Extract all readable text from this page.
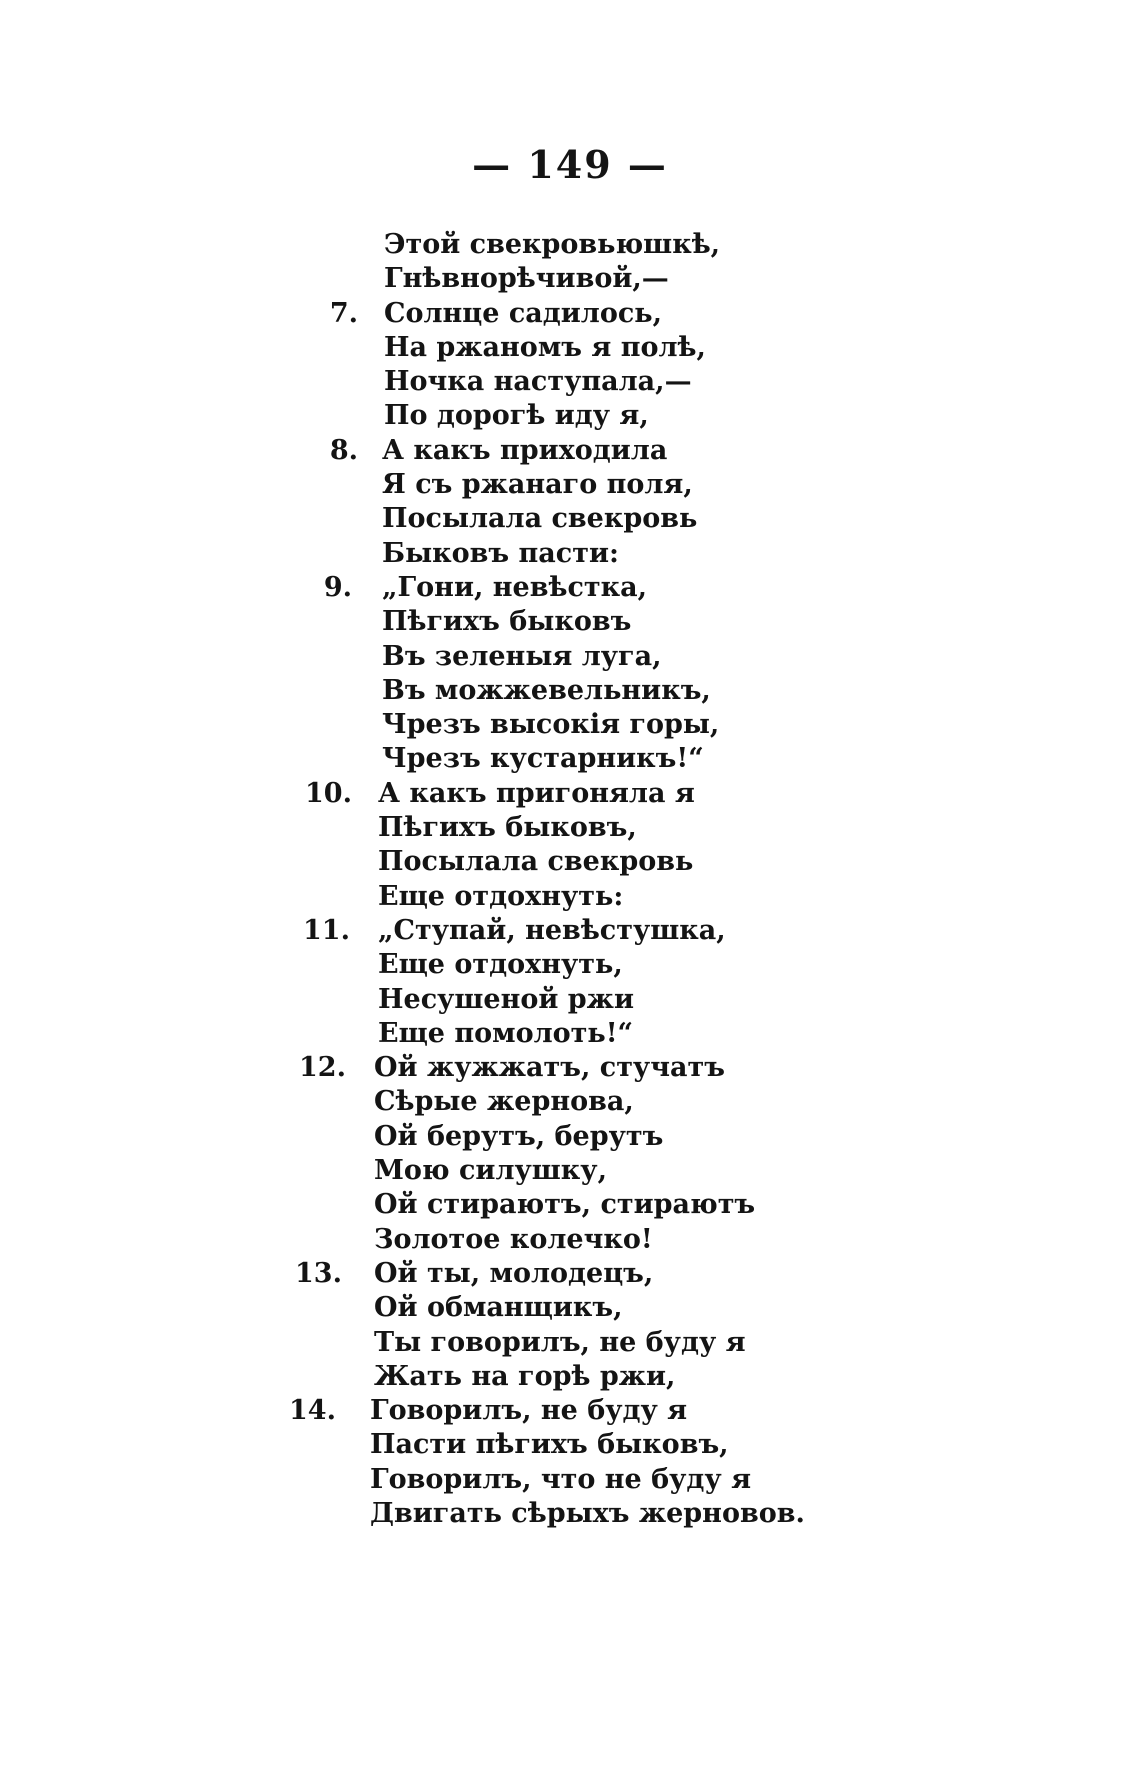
— 149 —
Этой свекровьюшкѣ,
Гнѣвнорѣчивой,—
7. Солнце садилось,
На ржаномъ я полѣ,
Ночка наступала,—
По дорогѣ иду я,
8. А какъ приходила
Я съ ржанаго поля,
Посылала свекровь
Быковъ пасти:
9. „Гони, невѣстка,
Пѣгихъ быковъ
Въ зеленыя луга,
Въ можжевельникъ,
Чрезъ высокія горы,
Чрезъ кустарникъ!“
10. А какъ пригоняла я
Пѣгихъ быковъ,
Посылала свекровь
Еще отдохнуть:
11. „Ступай, невѣстушка,
Еще отдохнуть,
Несушеной ржи
Еще помолоть!“
12. Ой жужжатъ, стучатъ
Сѣрые жернова,
Ой берутъ, берутъ
Мою силушку,
Ой стираютъ, стираютъ
Золотое колечко!
13. Ой ты, молодецъ,
Ой обманщикъ,
Ты говорилъ, не буду я
Жать на горѣ ржи,
14. Говорилъ, не буду я
Пасти пѣгихъ быковъ,
Говорилъ, что не буду я
Двигать сѣрыхъ жерновов.
